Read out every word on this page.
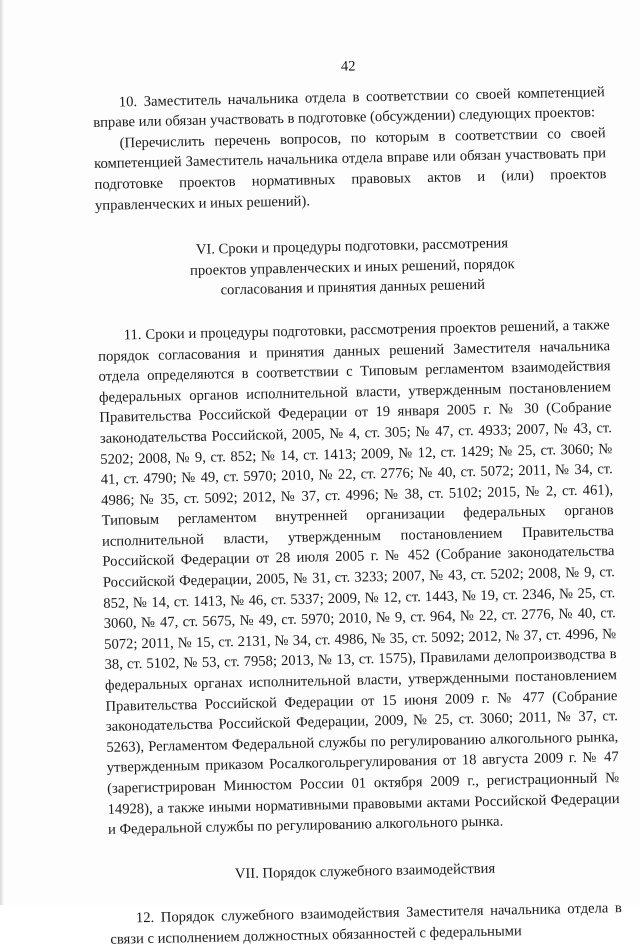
42

10. Заместитель начальника отдела в соответствии со своей компетенцией вправе или обязан участвовать в подготовке (обсуждении) следующих проектов:

(Перечислить перечень вопросов, по которым в соответствии со своей компетенцией Заместитель начальника отдела вправе или обязан участвовать при подготовке проектов нормативных правовых актов и (или) проектов управленческих и иных решений).

VI. Сроки и процедуры подготовки, рассмотрения
проектов управленческих и иных решений, порядок
согласования и принятия данных решений

11. Сроки и процедуры подготовки, рассмотрения проектов решений, а также порядок согласования и принятия данных решений Заместителя начальника отдела определяются в соответствии с Типовым регламентом взаимодействия федеральных органов исполнительной власти, утвержденным постановлением Правительства Российской Федерации от 19 января 2005 г. № 30 (Собрание законодательства Российской, 2005, № 4, ст. 305; № 47, ст. 4933; 2007, № 43, ст. 5202; 2008, № 9, ст. 852; № 14, ст. 1413; 2009, № 12, ст. 1429; № 25, ст. 3060; № 41, ст. 4790; № 49, ст. 5970; 2010, № 22, ст. 2776; № 40, ст. 5072; 2011, № 34, ст. 4986; № 35, ст. 5092; 2012, № 37, ст. 4996; № 38, ст. 5102; 2015, № 2, ст. 461), Типовым регламентом внутренней организации федеральных органов исполнительной власти, утвержденным постановлением Правительства Российской Федерации от 28 июля 2005 г. № 452 (Собрание законодательства Российской Федерации, 2005, № 31, ст. 3233; 2007, № 43, ст. 5202; 2008, № 9, ст. 852, № 14, ст. 1413, № 46, ст. 5337; 2009, № 12, ст. 1443, № 19, ст. 2346, № 25, ст. 3060, № 47, ст. 5675, № 49, ст. 5970; 2010, № 9, ст. 964, № 22, ст. 2776, № 40, ст. 5072; 2011, № 15, ст. 2131, № 34, ст. 4986, № 35, ст. 5092; 2012, № 37, ст. 4996, № 38, ст. 5102, № 53, ст. 7958; 2013, № 13, ст. 1575), Правилами делопроизводства в федеральных органах исполнительной власти, утвержденными постановлением Правительства Российской Федерации от 15 июня 2009 г. № 477 (Собрание законодательства Российской Федерации, 2009, № 25, ст. 3060; 2011, № 37, ст. 5263), Регламентом Федеральной службы по регулированию алкогольного рынка, утвержденным приказом Росалкогольрегулирования от 18 августа 2009 г. № 47 (зарегистрирован Минюстом России 01 октября 2009 г., регистрационный № 14928), а также иными нормативными правовыми актами Российской Федерации и Федеральной службы по регулированию алкогольного рынка.

VII. Порядок служебного взаимодействия

12. Порядок служебного взаимодействия Заместителя начальника отдела в связи с исполнением должностных обязанностей с федеральными
